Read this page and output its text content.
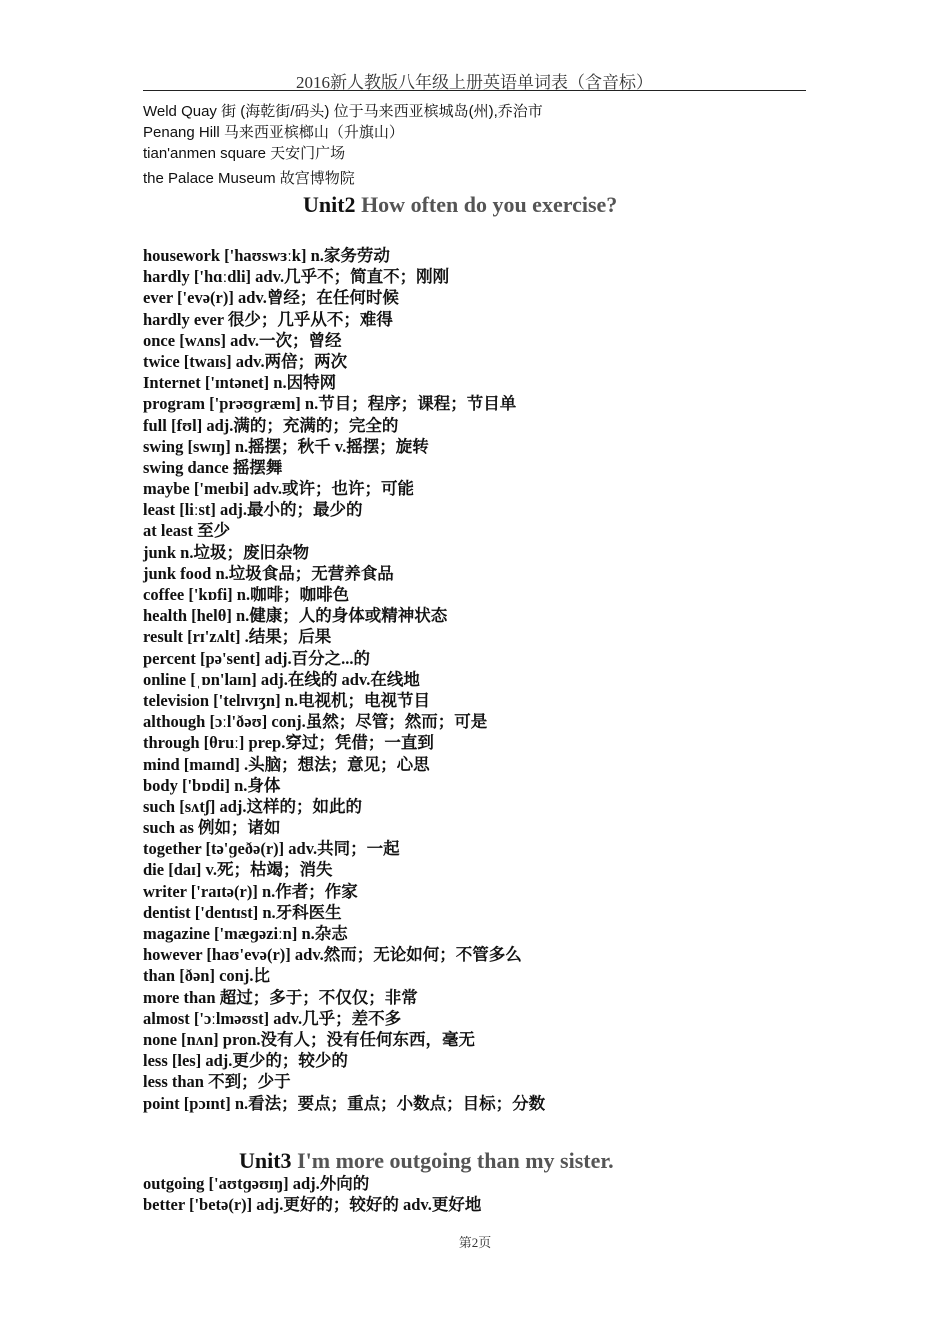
2016新人教版八年级上册英语单词表（含音标）
Weld Quay 街 (海乾街/码头) 位于马来西亚槟城岛(州),乔治市
Penang Hill 马来西亚槟榔山（升旗山）
tian'anmen square 天安门广场
the Palace Museum 故宫博物院
Unit2 How often do you exercise?
housework ['haʊswɜːk] n.家务劳动
hardly ['hɑːdli] adv.几乎不；简直不；刚刚
ever ['evə(r)] adv.曾经；在任何时候
hardly ever 很少；几乎从不；难得
once [wʌns] adv.一次；曾经
twice [twaɪs] adv.两倍；两次
Internet ['ɪntənet] n.因特网
program ['prəʊɡræm] n.节目；程序；课程；节目单
full [fʊl] adj.满的；充满的；完全的
swing [swɪŋ] n.摇摆；秋千 v.摇摆；旋转
swing dance 摇摆舞
maybe ['meɪbi] adv.或许；也许；可能
least [liːst] adj.最小的；最少的
at least 至少
junk n.垃圾；废旧杂物
junk food n.垃圾食品；无营养食品
coffee ['kɒfi] n.咖啡；咖啡色
health [helθ] n.健康；人的身体或精神状态
result [rɪ'zʌlt] .结果；后果
percent [pə'sent] adj.百分之...的
online [ˌɒn'laɪn] adj.在线的 adv.在线地
television ['telɪvɪʒn] n.电视机；电视节目
although [ɔːl'ðəʊ] conj.虽然；尽管；然而；可是
through [θruː] prep.穿过；凭借；一直到
mind [maɪnd] .头脑；想法；意见；心思
body ['bɒdi] n.身体
such [sʌtʃ] adj.这样的；如此的
such as 例如；诸如
together [tə'ɡeðə(r)] adv.共同；一起
die [daɪ] v.死；枯竭；消失
writer ['raɪtə(r)] n.作者；作家
dentist ['dentɪst] n.牙科医生
magazine ['mæɡəziːn] n.杂志
however [haʊ'evə(r)] adv.然而；无论如何；不管多么
than [ðən] conj.比
more than 超过；多于；不仅仅；非常
almost ['ɔːlməʊst] adv.几乎；差不多
none [nʌn] pron.没有人；没有任何东西，毫无
less [les] adj.更少的；较少的
less than 不到；少于
point [pɔɪnt] n.看法；要点；重点；小数点；目标；分数
Unit3 I'm more outgoing than my sister.
outgoing ['aʊtɡəʊɪŋ] adj.外向的
better ['betə(r)] adj.更好的；较好的 adv.更好地
第2页
